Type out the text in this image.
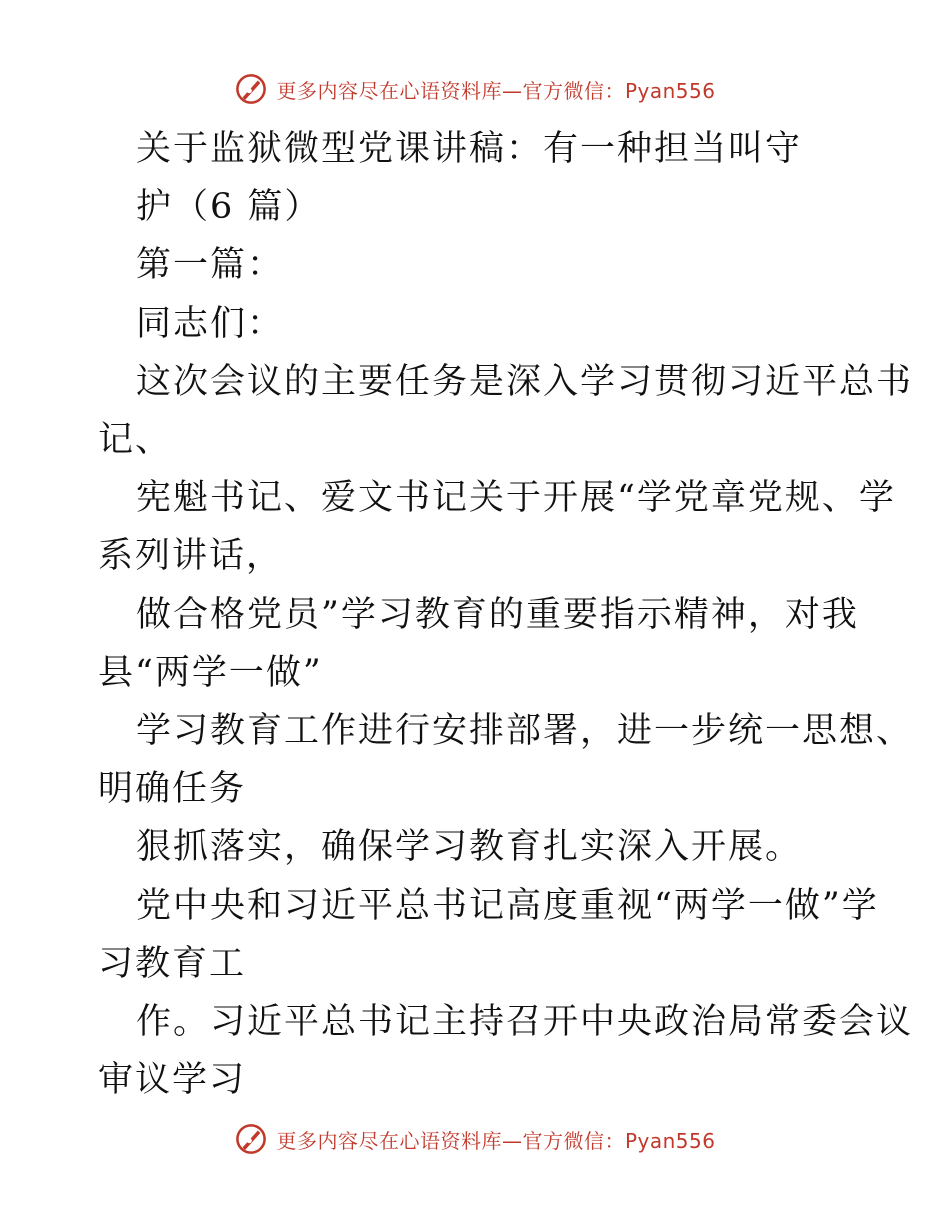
更多内容尽在心语资料库—官方微信：Pyan556
关于监狱微型党课讲稿：有一种担当叫守
护（6 篇）
第一篇：
同志们：
这次会议的主要任务是深入学习贯彻习近平总书
记、
宪魁书记、爱文书记关于开展“学党章党规、学
系列讲话，
做合格党员”学习教育的重要指示精神，对我
县“两学一做”
学习教育工作进行安排部署，进一步统一思想、
明确任务
狠抓落实，确保学习教育扎实深入开展。
党中央和习近平总书记高度重视“两学一做”学
习教育工
作。习近平总书记主持召开中央政治局常委会议
审议学习
更多内容尽在心语资料库—官方微信：Pyan556
